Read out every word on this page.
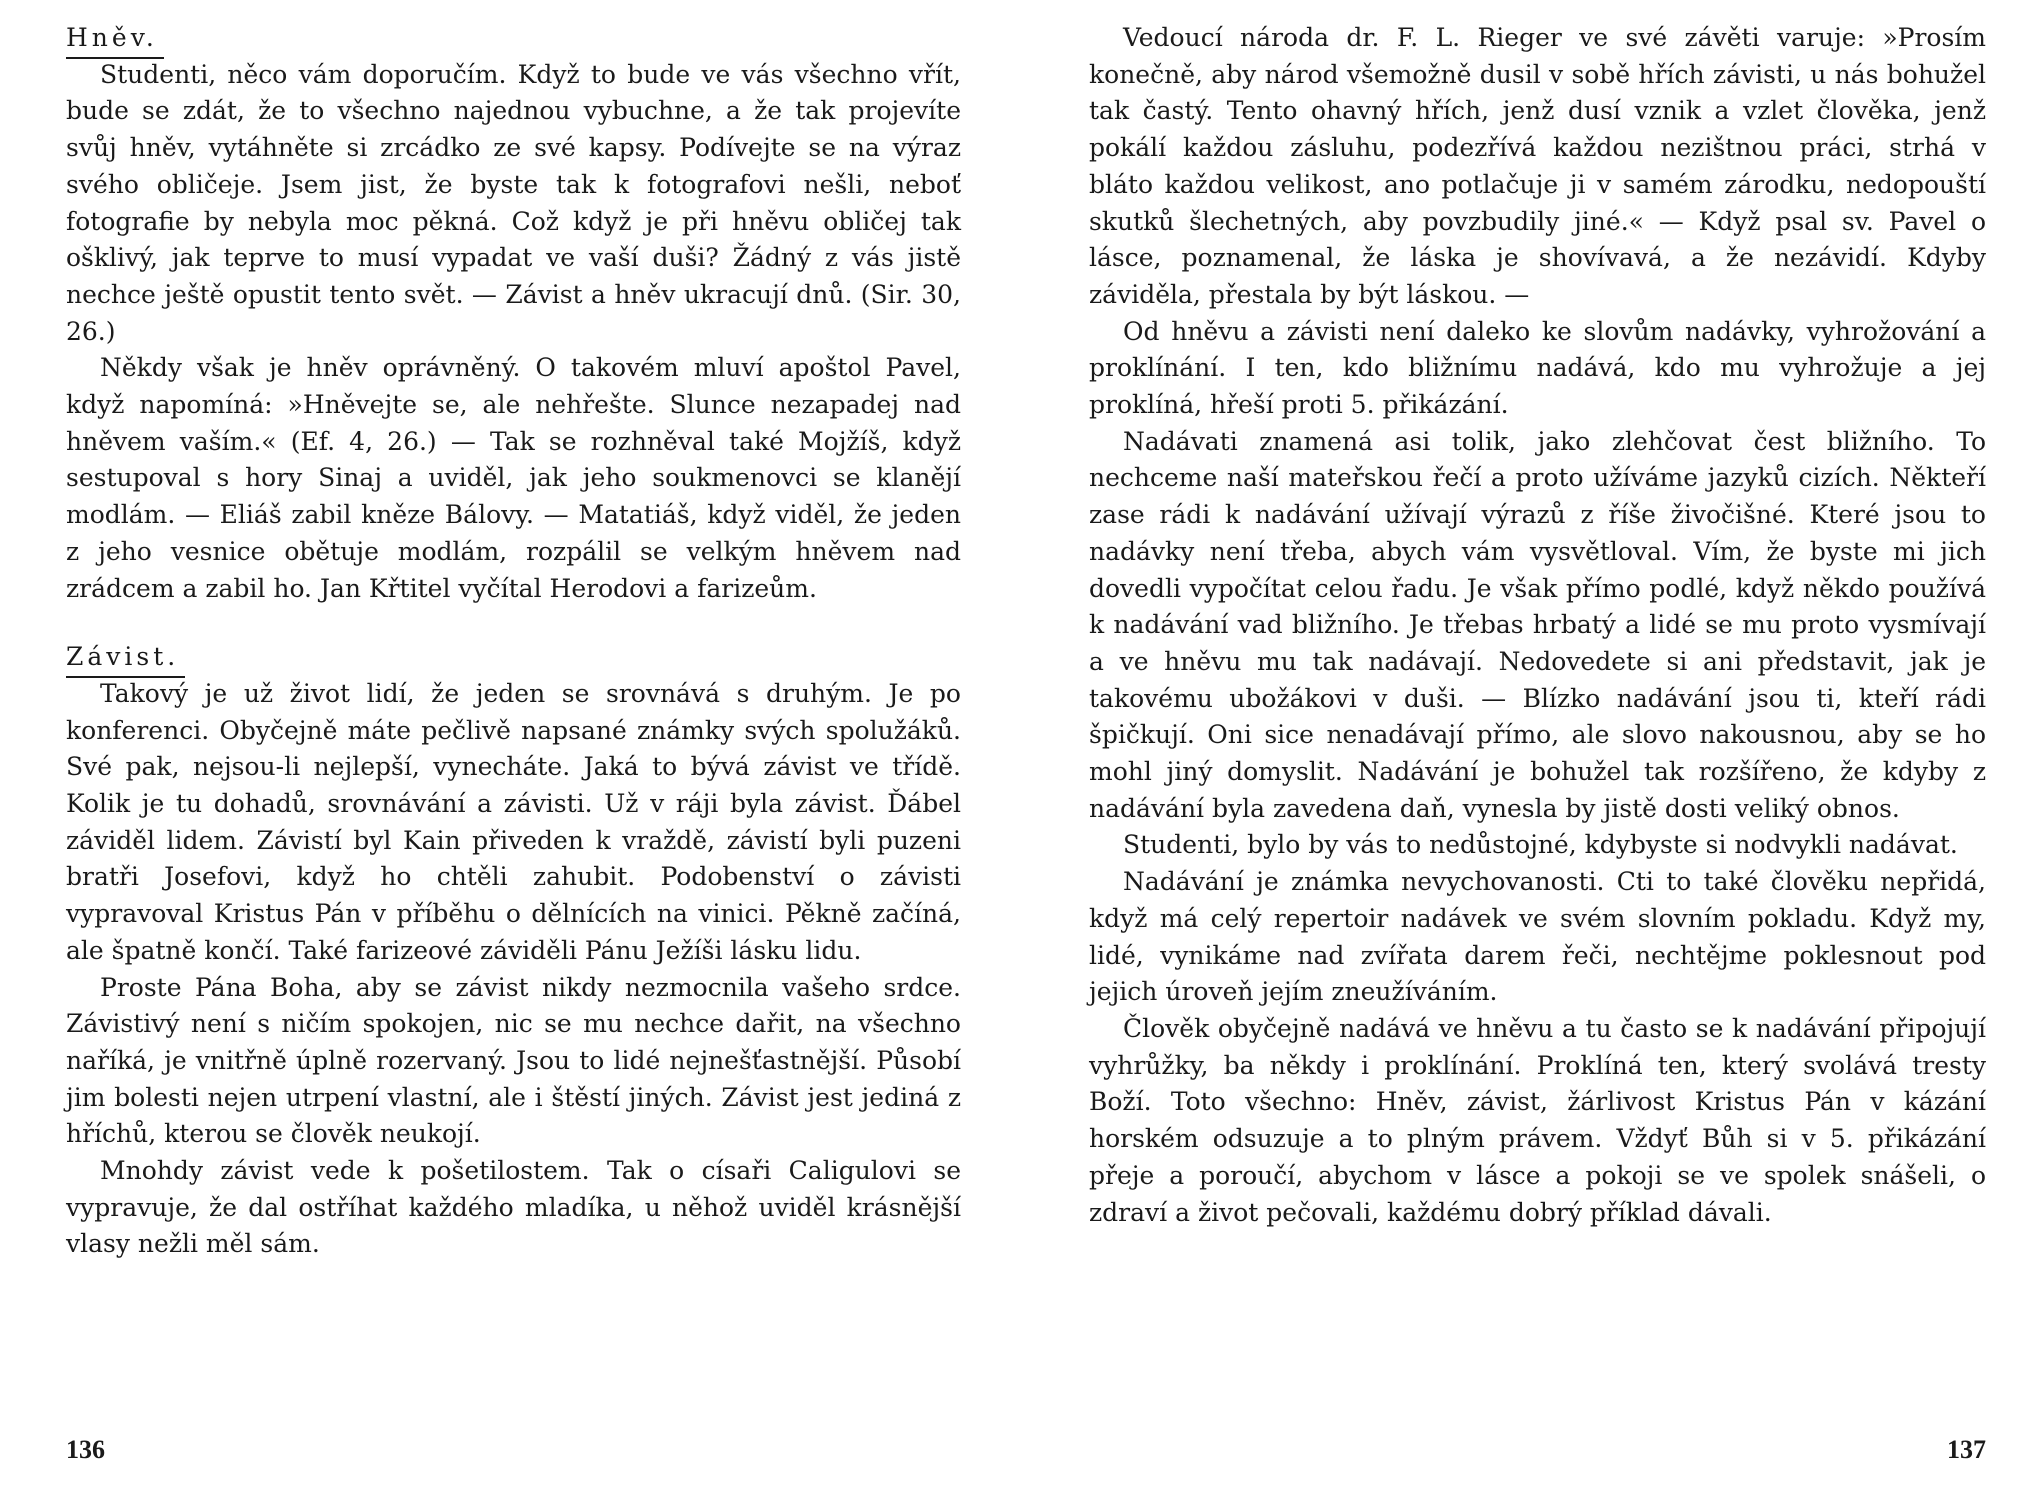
Hněv.

Studenti, něco vám doporučím. Když to bude ve vás všechno vřít, bude se zdát, že to všechno najednou vybuchne, a že tak projevíte svůj hněv, vytáhněte si zrcádko ze své kapsy. Podívejte se na výraz svého obličeje. Jsem jist, že byste tak k fotografovi nešli, neboť fotografie by nebyla moc pěkná. Což když je při hněvu obličej tak ošklivý, jak teprve to musí vypadat ve vaší duši? Žádný z vás jistě nechce ještě opustit tento svět. — Závist a hněv ukracují dnů. (Sir. 30, 26.)

Někdy však je hněv oprávněný. O takovém mluví apoštol Pavel, když napomíná: »Hněvejte se, ale nehřešte. Slunce nezapadej nad hněvem vaším.« (Ef. 4, 26.) — Tak se rozhněval také Mojžíš, když sestupoval s hory Sinaj a uviděl, jak jeho soukmenovci se klanějí modlám. — Eliáš zabil kněze Bálovy. — Matatiáš, když viděl, že jeden z jeho vesnice obětuje modlám, rozpálil se velkým hněvem nad zrádcem a zabil ho. Jan Křtitel vyčítal Herodovi a farizeům.

Závist.

Takový je už život lidí, že jeden se srovnává s druhým. Je po konferenci. Obyčejně máte pečlivě napsané známky svých spolužáků. Své pak, nejsou-li nejlepší, vynecháte. Jaká to bývá závist ve třídě. Kolik je tu dohadů, srovnávání a závisti. Už v ráji byla závist. Ďábel záviděl lidem. Závistí byl Kain přiveden k vraždě, závistí byli puzeni bratři Josefovi, když ho chtěli zahubit. Podobenství o závisti vypravoval Kristus Pán v příběhu o dělnících na vinici. Pěkně začíná, ale špatně končí. Také farizeové záviděli Pánu Ježíši lásku lidu.

Proste Pána Boha, aby se závist nikdy nezmocnila vašeho srdce. Závistivý není s ničím spokojen, nic se mu nechce dařit, na všechno naříká, je vnitřně úplně rozervaný. Jsou to lidé nejnešťastnější. Působí jim bolesti nejen utrpení vlastní, ale i štěstí jiných. Závist jest jediná z hříchů, kterou se člověk neukojí.

Mnohdy závist vede k pošetilostem. Tak o císaři Caligulovi se vypravuje, že dal ostříhat každého mladíka, u něhož uviděl krásnější vlasy nežli měl sám.

136

Vedoucí národa dr. F. L. Rieger ve své závěti varuje: »Prosím konečně, aby národ všemožně dusil v sobě hřích závisti, u nás bohužel tak častý. Tento ohavný hřích, jenž dusí vznik a vzlet člověka, jenž pokálí každou zásluhu, podezřívá každou nezištnou práci, strhá v bláto každou velikost, ano potlačuje ji v samém zárodku, nedopouští skutků šlechetných, aby povzbudily jiné.« — Když psal sv. Pavel o lásce, poznamenal, že láska je shovívavá, a že nezávidí. Kdyby záviděla, přestala by být láskou. —

Od hněvu a závisti není daleko ke slovům nadávky, vyhrožování a proklínání. I ten, kdo bližnímu nadává, kdo mu vyhrožuje a jej proklíná, hřeší proti 5. přikázání.

Nadávati znamená asi tolik, jako zlehčovat čest bližního. To nechceme naší mateřskou řečí a proto užíváme jazyků cizích. Někteří zase rádi k nadávání užívají výrazů z říše živočišné. Které jsou to nadávky není třeba, abych vám vysvětloval. Vím, že byste mi jich dovedli vypočítat celou řadu. Je však přímo podlé, když někdo používá k nadávání vad bližního. Je třebas hrbatý a lidé se mu proto vysmívají a ve hněvu mu tak nadávají. Nedovedete si ani představit, jak je takovému ubožákovi v duši. — Blízko nadávání jsou ti, kteří rádi špičkují. Oni sice nenadávají přímo, ale slovo nakousnou, aby se ho mohl jiný domyslit. Nadávání je bohužel tak rozšířeno, že kdyby z nadávání byla zavedena daň, vynesla by jistě dosti veliký obnos.

Studenti, bylo by vás to nedůstojné, kdybyste si nodvykli nadávat.

Nadávání je známka nevychovanosti. Cti to také člověku nepřidá, když má celý repertoir nadávek ve svém slovním pokladu. Když my, lidé, vynikáme nad zvířata darem řeči, nechtějme poklesnout pod jejich úroveň jejím zneužíváním.

Člověk obyčejně nadává ve hněvu a tu často se k nadávání připojují vyhrůžky, ba někdy i proklínání. Proklíná ten, který svolává tresty Boží. Toto všechno: Hněv, závist, žárlivost Kristus Pán v kázání horském odsuzuje a to plným právem. Vždyť Bůh si v 5. přikázání přeje a poroučí, abychom v lásce a pokoji se ve spolek snášeli, o zdraví a život pečovali, každému dobrý příklad dávali.

137
